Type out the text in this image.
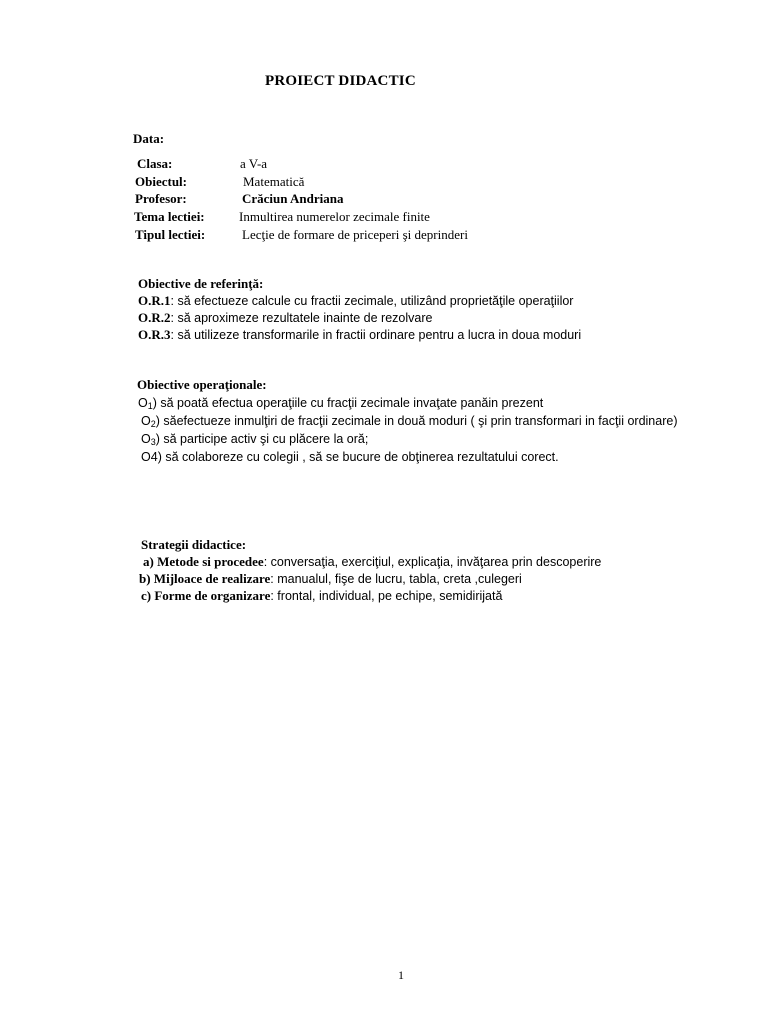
PROIECT DIDACTIC
Data:
Clasa:	a V-a
Obiectul:	Matematică
Profesor:	Crăciun Andriana
Tema lectiei:	Inmultirea numerelor zecimale finite
Tipul lectiei:	Lecţie de formare de priceperi şi deprinderi
Obiective de referinţă:
O.R.1: să efectueze calcule cu fractii zecimale, utilizând proprietăţile operaţiilor
O.R.2: să aproximeze rezultatele inainte de rezolvare
O.R.3: să utilizeze transformarile in fractii ordinare pentru a lucra in doua moduri
Obiective operaţionale:
$O_1$) să poată efectua operaţiile cu fracţii zecimale invaţate panăin prezent
$O_2$) săefectueze inmulţiri de fracţii zecimale in două moduri ( şi prin transformari in facţii ordinare)
$O_3$) să participe activ şi cu plăcere la oră;
O4) să colaboreze cu colegii , să se bucure de obţinerea rezultatului corect.
Strategii didactice:
a) Metode si procedee: conversaţia, exerciţiul, explicaţia, invăţarea prin descoperire
b) Mijloace de realizare: manualul, fişe de lucru, tabla, creta ,culegeri
c) Forme de organizare: frontal, individual, pe echipe, semidirijată
1
